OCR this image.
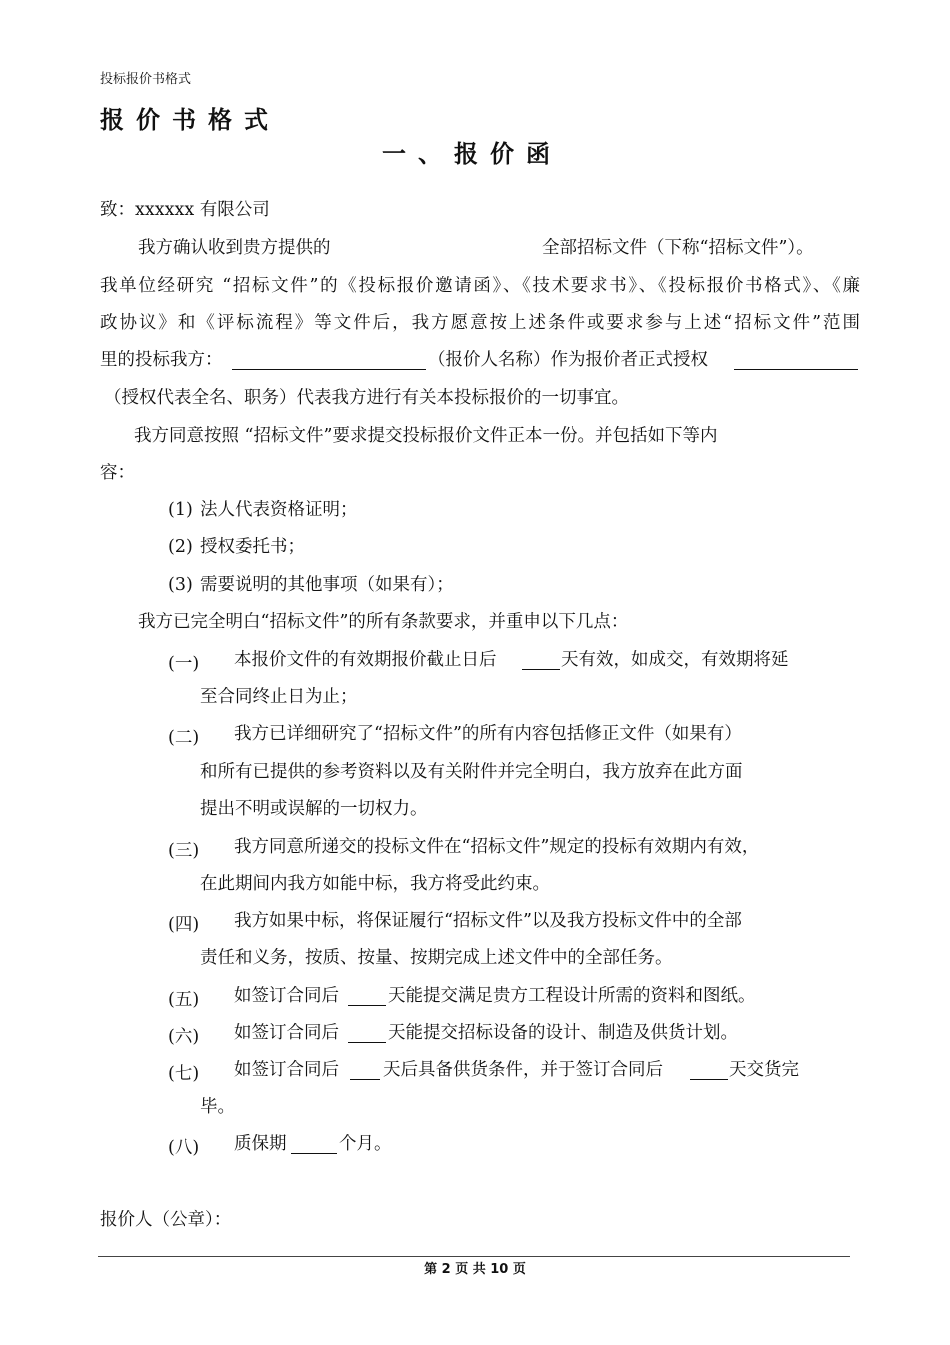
投标报价书格式
报价书格式
一、报价函
致：xxxxxx 有限公司
我方确认收到贵方提供的	全部招标文件（下称“招标文件”）。
我单位经研究 “招标文件”的《投标报价邀请函》、《技术要求书》、《投标报价书格式》、《廉
政协议》和《评标流程》等文件后，我方愿意按上述条件或要求参与上述“招标文件”范围
里的投标我方：	（报价人名称）作为报价者正式授权
（授权代表全名、职务）代表我方进行有关本投标报价的一切事宜。
我方同意按照 “招标文件”要求提交投标报价文件正本一份。并包括如下等内
容：
(1) 法人代表资格证明；
(2) 授权委托书；
(3) 需要说明的其他事项（如果有）；
我方已完全明白“招标文件”的所有条款要求，并重申以下几点：
(一) 本报价文件的有效期报价截止日后	天有效，如成交，有效期将延
至合同终止日为止；
(二) 我方已详细研究了“招标文件”的所有内容包括修正文件（如果有）
和所有已提供的参考资料以及有关附件并完全明白，我方放弃在此方面
提出不明或误解的一切权力。
(三) 我方同意所递交的投标文件在“招标文件”规定的投标有效期内有效，
在此期间内我方如能中标，我方将受此约束。
(四) 我方如果中标，将保证履行“招标文件”以及我方投标文件中的全部
责任和义务，按质、按量、按期完成上述文件中的全部任务。
(五) 如签订合同后	天能提交满足贵方工程设计所需的资料和图纸。
(六) 如签订合同后	天能提交招标设备的设计、制造及供货计划。
(七) 如签订合同后	天后具备供货条件，并于签订合同后	天交货完
毕。
(八) 质保期	个月。
报价人（公章）：
第 2 页 共 10 页
